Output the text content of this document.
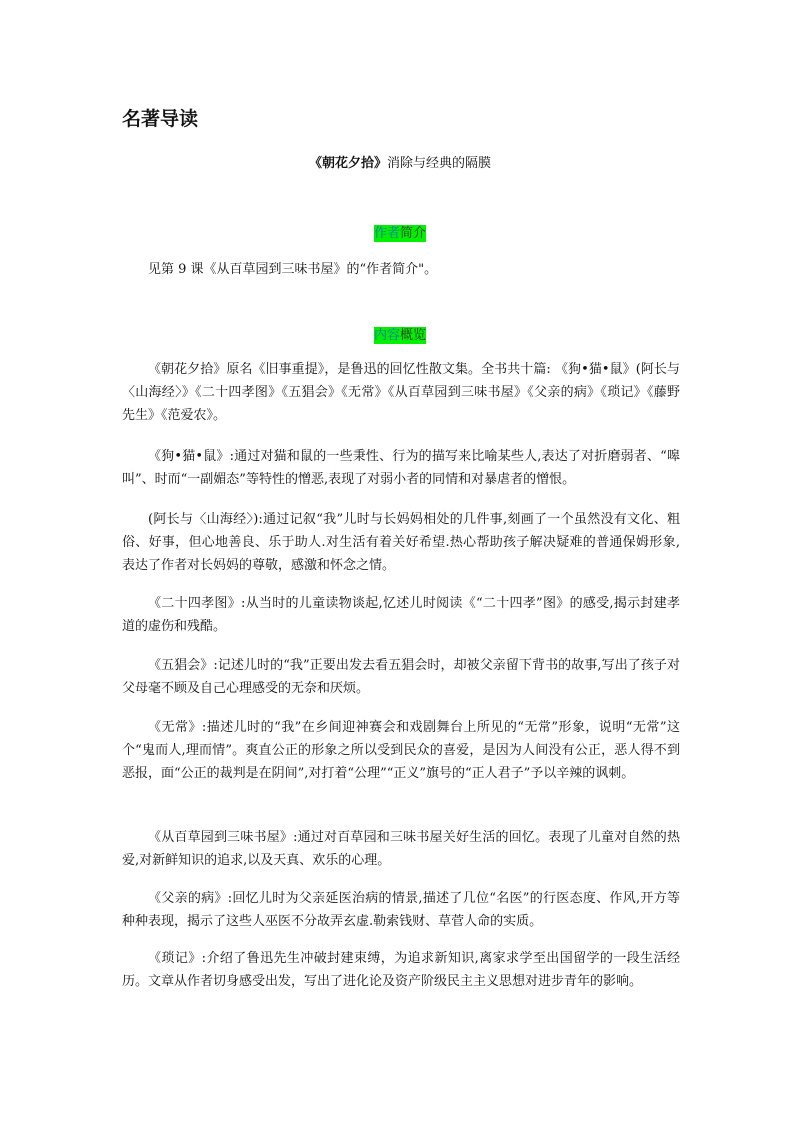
名著导读
《朝花夕拾》消除与经典的隔膜
作者简介
见第 9 课《从百草园到三味书屋》的“作者简介"。
内容概览
《朝花夕拾》原名《旧事重提》，是鲁迅的回忆性散文集。全书共十篇: 《狗•猫•鼠》(阿长与〈山海经〉》《二十四孝图》《五猖会》《无常》《从百草园到三味书屋》《父亲的病》《琐记》《藤野先生》《范爱农》。
《狗•猫•鼠》:通过对猫和鼠的一些秉性、行为的描写来比喻某些人,表达了对折磨弱者、“嗥叫”、时而“一副媚态”等特性的憎恶,表现了对弱小者的同情和对暴虐者的憎恨。
(阿长与〈山海经〉):通过记叙“我”儿时与长妈妈相处的几件事,刻画了一个虽然没有文化、粗俗、好事，但心地善良、乐于助人.对生活有着关好希望.热心帮助孩子解决疑难的普通保姆形象,表达了作者对长妈妈的尊敬，感激和怀念之情。
《二十四孝图》:从当时的儿童读物谈起,忆述儿时阅读《“二十四孝”图》的感受,揭示封建孝道的虚伤和残酷。
《五猖会》:记述儿时的“我”正要出发去看五猖会时，却被父亲留下背书的故事,写出了孩子对父母毫不顾及自己心理感受的无奈和厌烦。
《无常》:描述儿时的“我”在乡间迎神赛会和戏剧舞台上所见的“无常”形象，说明“无常”这个“鬼而人,理而情”。爽直公正的形象之所以受到民众的喜爱，是因为人间没有公正，恶人得不到恶报，面“公正的裁判是在阴间”,对打着“公理”“正义”旗号的“正人君子”予以辛辣的讽刺。
《从百草园到三味书屋》:通过对百草园和三味书屋关好生活的回忆。表现了儿童对自然的热爱,对新鲜知识的追求,以及天真、欢乐的心理。
《父亲的病》:回忆儿时为父亲延医治病的情景,描述了几位“名医”的行医态度、作风,开方等种种表现，揭示了这些人巫医不分故弄玄虚.勒索钱财、草菅人命的实质。
《琐记》:介绍了鲁迅先生冲破封建束缚，为追求新知识,离家求学至出国留学的一段生活经历。文章从作者切身感受出发，写出了进化论及资产阶级民主主义思想对进步青年的影响。
